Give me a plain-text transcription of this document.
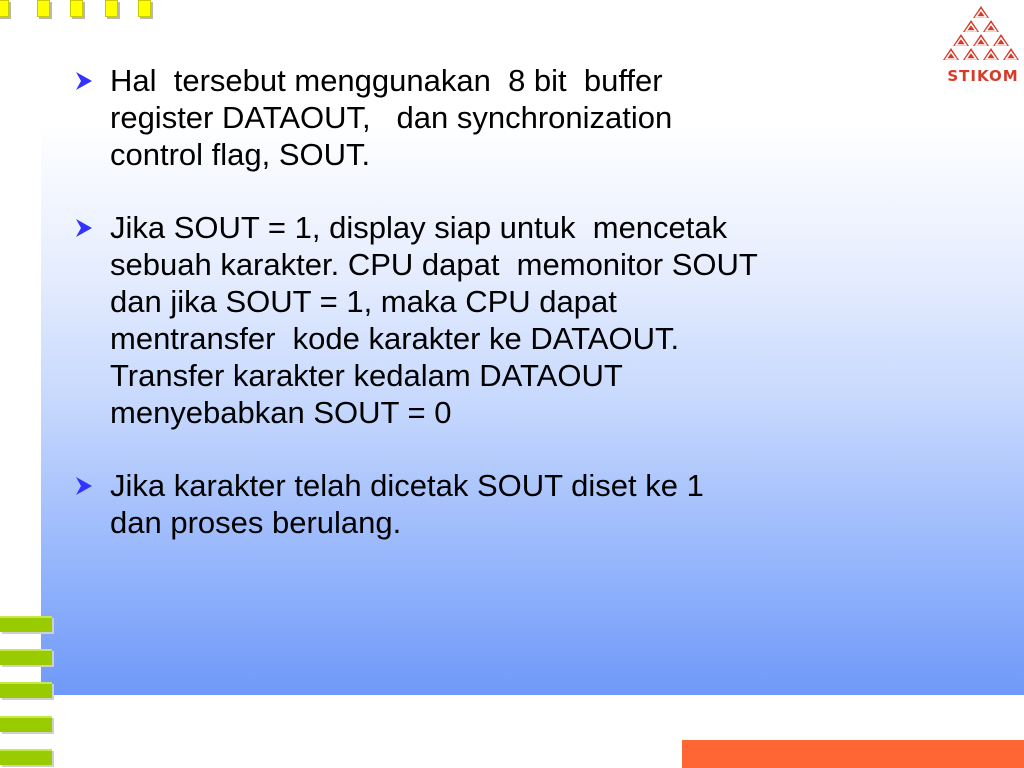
STIKOM
Hal  tersebut menggunakan  8 bit  buffer
register DATAOUT,   dan synchronization
control flag, SOUT.
Jika SOUT = 1, display siap untuk  mencetak
sebuah karakter. CPU dapat  memonitor SOUT
dan jika SOUT = 1, maka CPU dapat
mentransfer  kode karakter ke DATAOUT.
Transfer karakter kedalam DATAOUT
menyebabkan SOUT = 0
Jika karakter telah dicetak SOUT diset ke 1
dan proses berulang.
